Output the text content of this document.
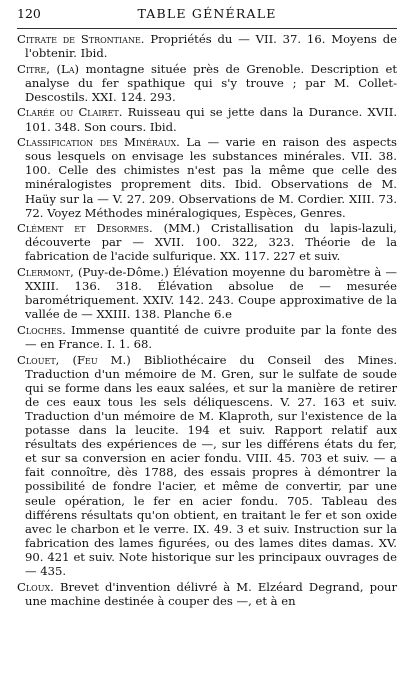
120	TABLE GÉNÉRALE

Citrate de Strontiane. Propriétés du — VII. 37. 16. Moyens de l'obtenir. Ibid.

Citre, (La) montagne située près de Grenoble. Description et analyse du fer spathique qui s'y trouve ; par M. Collet-Descostils. XXI. 124. 293.

Clarée ou Clairet. Ruisseau qui se jette dans la Durance. XVII. 101. 348. Son cours. Ibid.

Classification des Minéraux. La — varie en raison des aspects sous lesquels on envisage les substances minérales. VII. 38. 100. Celle des chimistes n'est pas la même que celle des minéralogistes proprement dits. Ibid. Observations de M. Haüy sur la — V. 27. 209. Observations de M. Cordier. XIII. 73. 72. Voyez Méthodes minéralogiques, Espèces, Genres.

Clément et Desormes. (MM.) Cristallisation du lapis-lazuli, découverte par — XVII. 100. 322, 323. Théorie de la fabrication de l'acide sulfurique. XX. 117. 227 et suiv.

Clermont, (Puy-de-Dôme.) Élévation moyenne du baromètre à — XXIII. 136. 318. Élévation absolue de — mesurée barométriquement. XXIV. 142. 243. Coupe approximative de la vallée de — XXIII. 138. Planche 6.e

Cloches. Immense quantité de cuivre produite par la fonte des — en France. I. 1. 68.

Clouet, (Feu M.) Bibliothécaire du Conseil des Mines. Traduction d'un mémoire de M. Gren, sur le sulfate de soude qui se forme dans les eaux salées, et sur la manière de retirer de ces eaux tous les sels déliquescens. V. 27. 163 et suiv. Traduction d'un mémoire de M. Klaproth, sur l'existence de la potasse dans la leucite. 194 et suiv. Rapport relatif aux résultats des expériences de —, sur les différens états du fer, et sur sa conversion en acier fondu. VIII. 45. 703 et suiv. — a fait connoître, dès 1788, des essais propres à démontrer la possibilité de fondre l'acier, et même de convertir, par une seule opération, le fer en acier fondu. 705. Tableau des différens résultats qu'on obtient, en traitant le fer et son oxide avec le charbon et le verre. IX. 49. 3 et suiv. Instruction sur la fabrication des lames figurées, ou des lames dites damas. XV. 90. 421 et suiv. Note historique sur les principaux ouvrages de — 435.

Cloux. Brevet d'invention délivré à M. Elzéard Degrand, pour une machine destinée à couper des —, et à en
